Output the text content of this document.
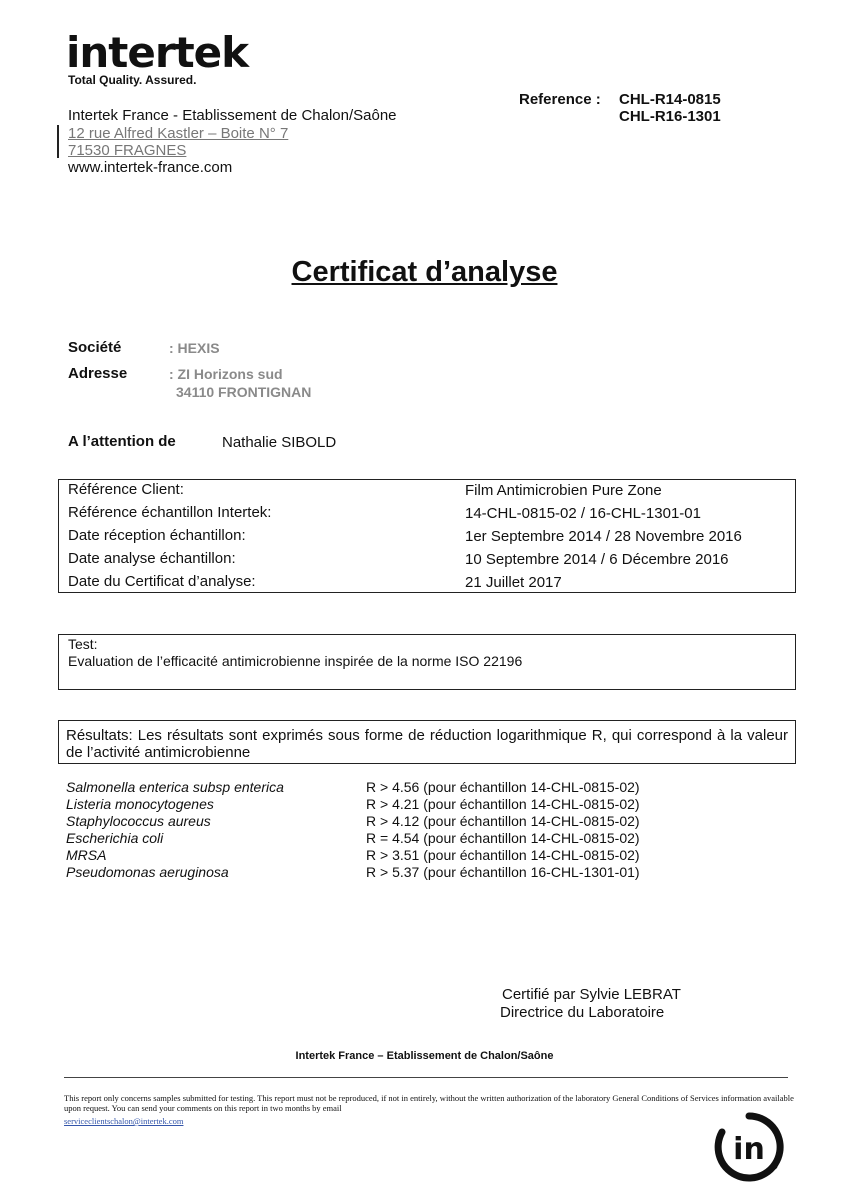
intertek
Total Quality. Assured.
Intertek France - Etablissement de Chalon/Saône
12 rue Alfred Kastler – Boite N° 7
71530 FRAGNES
www.intertek-france.com
Reference : CHL-R14-0815
CHL-R16-1301
Certificat d’analyse
Société	: HEXIS
Adresse	: ZI Horizons sud
34110 FRONTIGNAN
A l’attention de	Nathalie SIBOLD
Référence Client:	Film Antimicrobien Pure Zone
Référence échantillon Intertek:	14-CHL-0815-02 / 16-CHL-1301-01
Date réception échantillon:	1er Septembre 2014 / 28 Novembre 2016
Date analyse échantillon:	10 Septembre 2014 / 6 Décembre 2016
Date du Certificat d’analyse:	21 Juillet 2017
Test:
Evaluation de l’efficacité antimicrobienne inspirée de la norme ISO 22196
Résultats: Les résultats sont exprimés sous forme de réduction logarithmique R, qui correspond à la valeur de l’activité antimicrobienne
Salmonella enterica subsp enterica	R > 4.56 (pour échantillon 14-CHL-0815-02)
Listeria monocytogenes	R > 4.21 (pour échantillon 14-CHL-0815-02)
Staphylococcus aureus	R > 4.12 (pour échantillon 14-CHL-0815-02)
Escherichia coli	R = 4.54 (pour échantillon 14-CHL-0815-02)
MRSA	R > 3.51 (pour échantillon 14-CHL-0815-02)
Pseudomonas aeruginosa	R > 5.37 (pour échantillon 16-CHL-1301-01)
Certifié par Sylvie LEBRAT
Directrice du Laboratoire
Intertek France – Etablissement de Chalon/Saône
This report only concerns samples submitted for testing. This report must not be reproduced, if not in entirely, without the written authorization of the laboratory General Conditions of Services information available upon request. You can send your comments on this report in two months by email
serviceclientschalon@intertek.com
in
